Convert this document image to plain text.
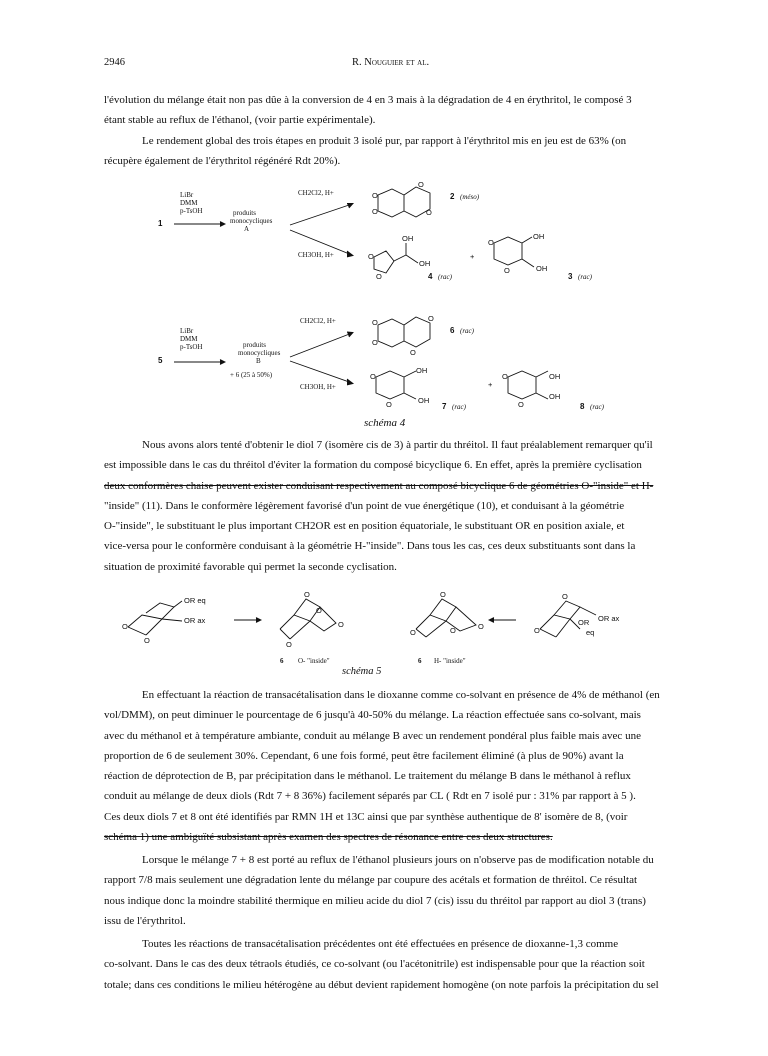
2946	R. Nouguier et al.
l'évolution du mélange était non pas dûe à la conversion de 4 en 3 mais à la dégradation de 4 en érythritol, le composé 3
étant stable au reflux de l'éthanol, (voir partie expérimentale).
Le rendement global des trois étapes en produit 3 isolé pur, par rapport à l'érythritol mis en jeu est de 63% (on
récupère également de l'érythritol régénéré Rdt 20%).
1
LiBr
DMM
p-TsOH	produits
monocycliques
A
CH2Cl2, H+
CH3OH, H+
O
O
O
O
2 (méso)
O
O
OH
OH
4 (rac)
+
O
O
OH
OH
3 (rac)
5
LiBr
DMM
p-TsOH	produits
monocycliques
B
+ 6 (25 à 50%)
CH2Cl2, H+
CH3OH, H+
O
O
O
O
6 (rac)
O
O
OH
OH
7 (rac)
+
O
O
OH
OH
8 (rac)
schéma 4
Nous avons alors tenté d'obtenir le diol 7 (isomère cis de 3) à partir du thréitol. Il faut préalablement remarquer qu'il
est impossible dans le cas du thréitol d'éviter la formation du composé bicyclique 6. En effet, après la première cyclisation
deux conformères chaise peuvent exister conduisant respectivement au composé bicyclique 6 de géométries O-"inside" et H-
"inside" (11). Dans le conformère légèrement favorisé d'un point de vue énergétique (10), et conduisant à la géométrie
O-"inside", le substituant le plus important CH2OR est en position équatoriale, le substituant OR en position axiale, et
vice-versa pour le conformère conduisant à la géométrie H-"inside". Dans tous les cas, ces deux substituants sont dans la
situation de proximité favorable qui permet la seconde cyclisation.
O
O
OR eq
OR ax
O
O
O
O
6 O- "inside"
O
O	O	O
6 H- "inside"
O
O
OR OR ax
eq
schéma 5
En effectuant la réaction de transacétalisation dans le dioxanne comme co-solvant en présence de 4% de méthanol (en
vol/DMM), on peut diminuer le pourcentage de 6 jusqu'à 40-50% du mélange. La réaction effectuée sans co-solvant, mais
avec du méthanol et à température ambiante, conduit au mélange B avec un rendement pondéral plus faible mais avec une
proportion de 6 de seulement 30%. Cependant, 6 une fois formé, peut être facilement éliminé (à plus de 90%) avant la
réaction de déprotection de B, par précipitation dans le méthanol. Le traitement du mélange B dans le méthanol à reflux
conduit au mélange de deux diols (Rdt 7 + 8 36%) facilement séparés par CL ( Rdt en 7 isolé pur : 31% par rapport à 5 ).
Ces deux diols 7 et 8 ont été identifiés par RMN 1H et 13C ainsi que par synthèse authentique de 8' isomère de 8, (voir
schéma 1) une ambiguïté subsistant après examen des spectres de résonance entre ces deux structures.
Lorsque le mélange 7 + 8 est porté au reflux de l'éthanol plusieurs jours on n'observe pas de modification notable du
rapport 7/8 mais seulement une dégradation lente du mélange par coupure des acétals et formation de thréitol. Ce résultat
nous indique donc la moindre stabilité thermique en milieu acide du diol 7 (cis) issu du thréitol par rapport au diol 3 (trans)
issu de l'érythritol.
Toutes les réactions de transacétalisation précédentes ont été effectuées en présence de dioxanne-1,3 comme
co-solvant. Dans le cas des deux tétraols étudiés, ce co-solvant (ou l'acétonitrile) est indispensable pour que la réaction soit
totale; dans ces conditions le milieu hétérogène au début devient rapidement homogène (on note parfois la précipitation du sel
